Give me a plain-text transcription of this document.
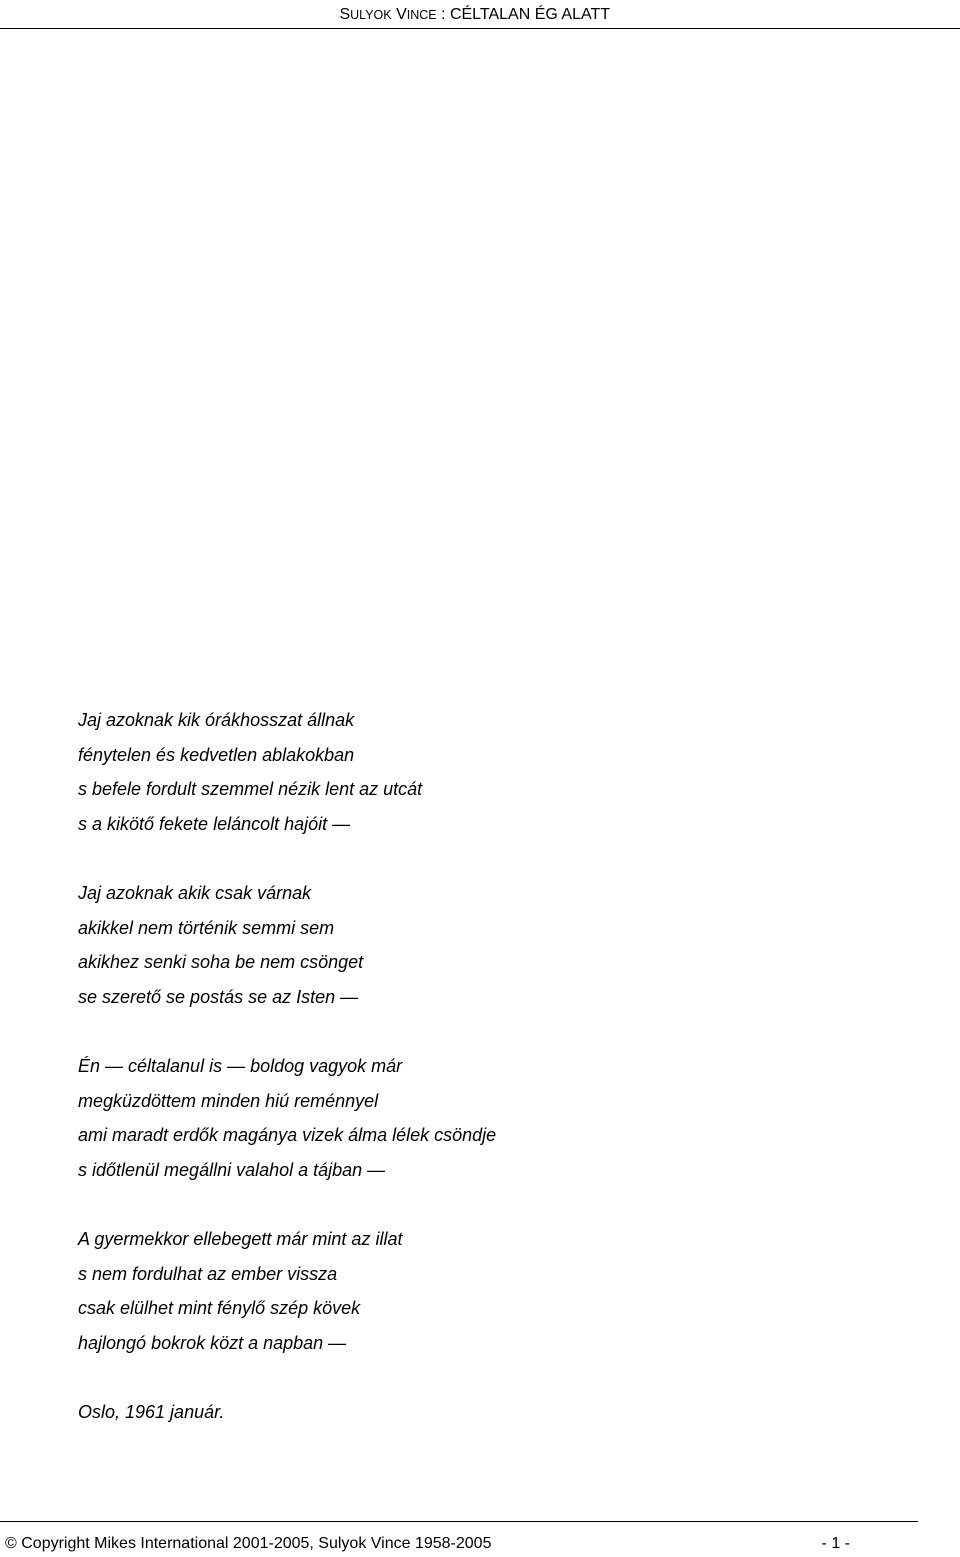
SULYOK VINCE : CÉLTALAN ÉG ALATT
Jaj azoknak kik órákhosszat állnak
fénytelen és kedvetlen ablakokban
s befele fordult szemmel nézik lent az utcát
s a kikötő fekete leláncolt hajóit —
Jaj azoknak akik csak várnak
akikkel nem történik semmi sem
akikhez senki soha be nem csönget
se szerető se postás se az Isten —
Én — céltalanul is — boldog vagyok már
megküzdöttem minden hiú reménnyel
ami maradt erdők magánya vizek álma lélek csöndje
s időtlenül megállni valahol a tájban —
A gyermekkor ellebegett már mint az illat
s nem fordulhat az ember vissza
csak elülhet mint fénylő szép kövek
hajlongó bokrok közt a napban —
Oslo, 1961 január.
© Copyright Mikes International 2001-2005, Sulyok Vince 1958-2005	- 1 -
